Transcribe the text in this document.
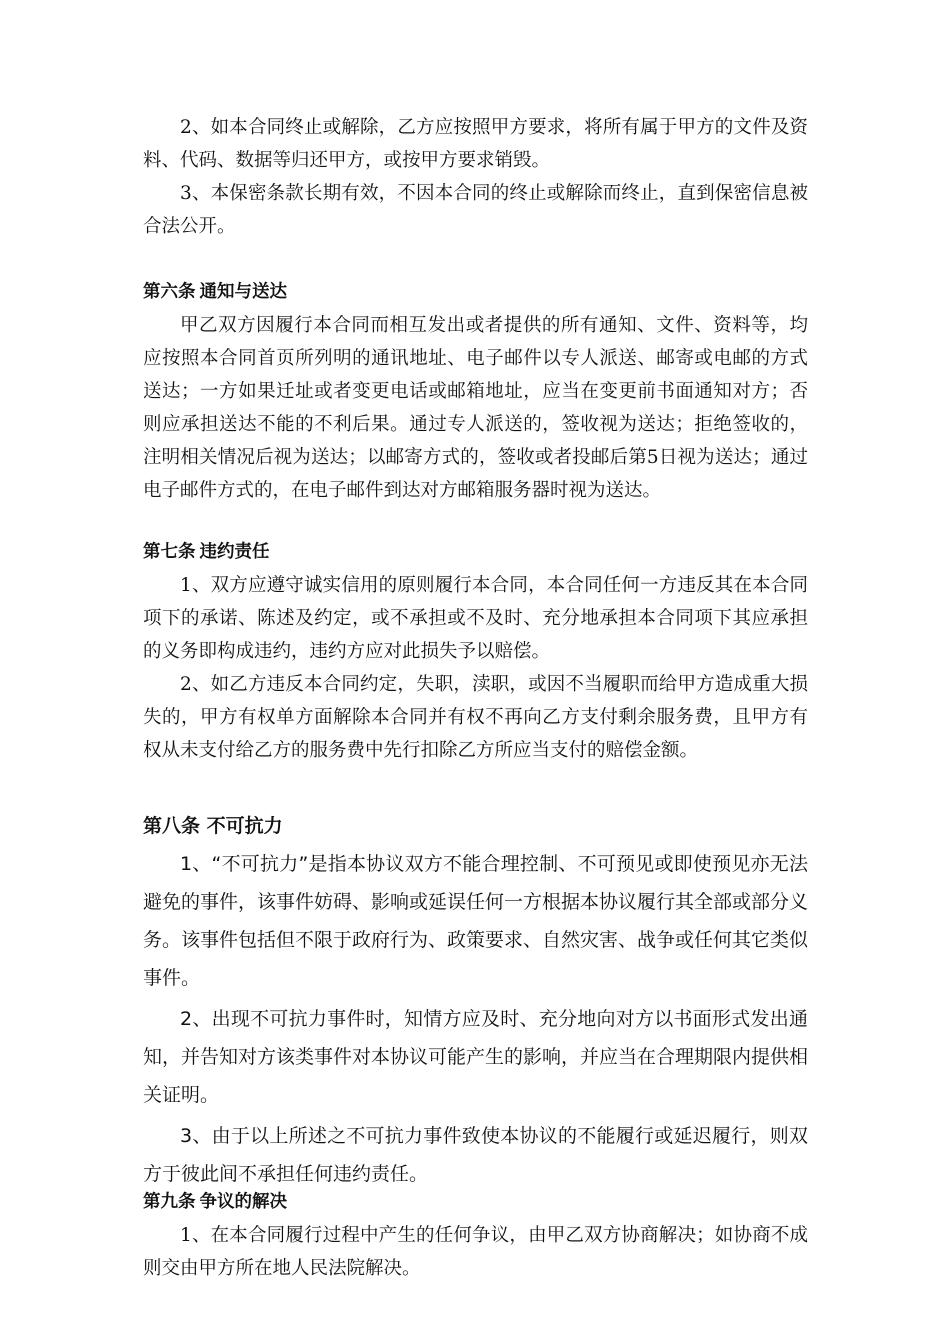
2、如本合同终止或解除，乙方应按照甲方要求，将所有属于甲方的文件及资料、代码、数据等归还甲方，或按甲方要求销毁。

3、本保密条款长期有效，不因本合同的终止或解除而终止，直到保密信息被合法公开。

第六条 通知与送达

甲乙双方因履行本合同而相互发出或者提供的所有通知、文件、资料等，均应按照本合同首页所列明的通讯地址、电子邮件以专人派送、邮寄或电邮的方式送达；一方如果迁址或者变更电话或邮箱地址，应当在变更前书面通知对方；否则应承担送达不能的不利后果。通过专人派送的，签收视为送达；拒绝签收的，注明相关情况后视为送达；以邮寄方式的，签收或者投邮后第5日视为送达；通过电子邮件方式的，在电子邮件到达对方邮箱服务器时视为送达。

第七条 违约责任

1、双方应遵守诚实信用的原则履行本合同，本合同任何一方违反其在本合同项下的承诺、陈述及约定，或不承担或不及时、充分地承担本合同项下其应承担的义务即构成违约，违约方应对此损失予以赔偿。

2、如乙方违反本合同约定，失职，渎职，或因不当履职而给甲方造成重大损失的，甲方有权单方面解除本合同并有权不再向乙方支付剩余服务费，且甲方有权从未支付给乙方的服务费中先行扣除乙方所应当支付的赔偿金额。

第八条 不可抗力

1、“不可抗力”是指本协议双方不能合理控制、不可预见或即使预见亦无法避免的事件，该事件妨碍、影响或延误任何一方根据本协议履行其全部或部分义务。该事件包括但不限于政府行为、政策要求、自然灾害、战争或任何其它类似事件。

2、出现不可抗力事件时，知情方应及时、充分地向对方以书面形式发出通知，并告知对方该类事件对本协议可能产生的影响，并应当在合理期限内提供相关证明。

3、由于以上所述之不可抗力事件致使本协议的不能履行或延迟履行，则双方于彼此间不承担任何违约责任。

第九条 争议的解决

1、在本合同履行过程中产生的任何争议，由甲乙双方协商解决；如协商不成则交由甲方所在地人民法院解决。
